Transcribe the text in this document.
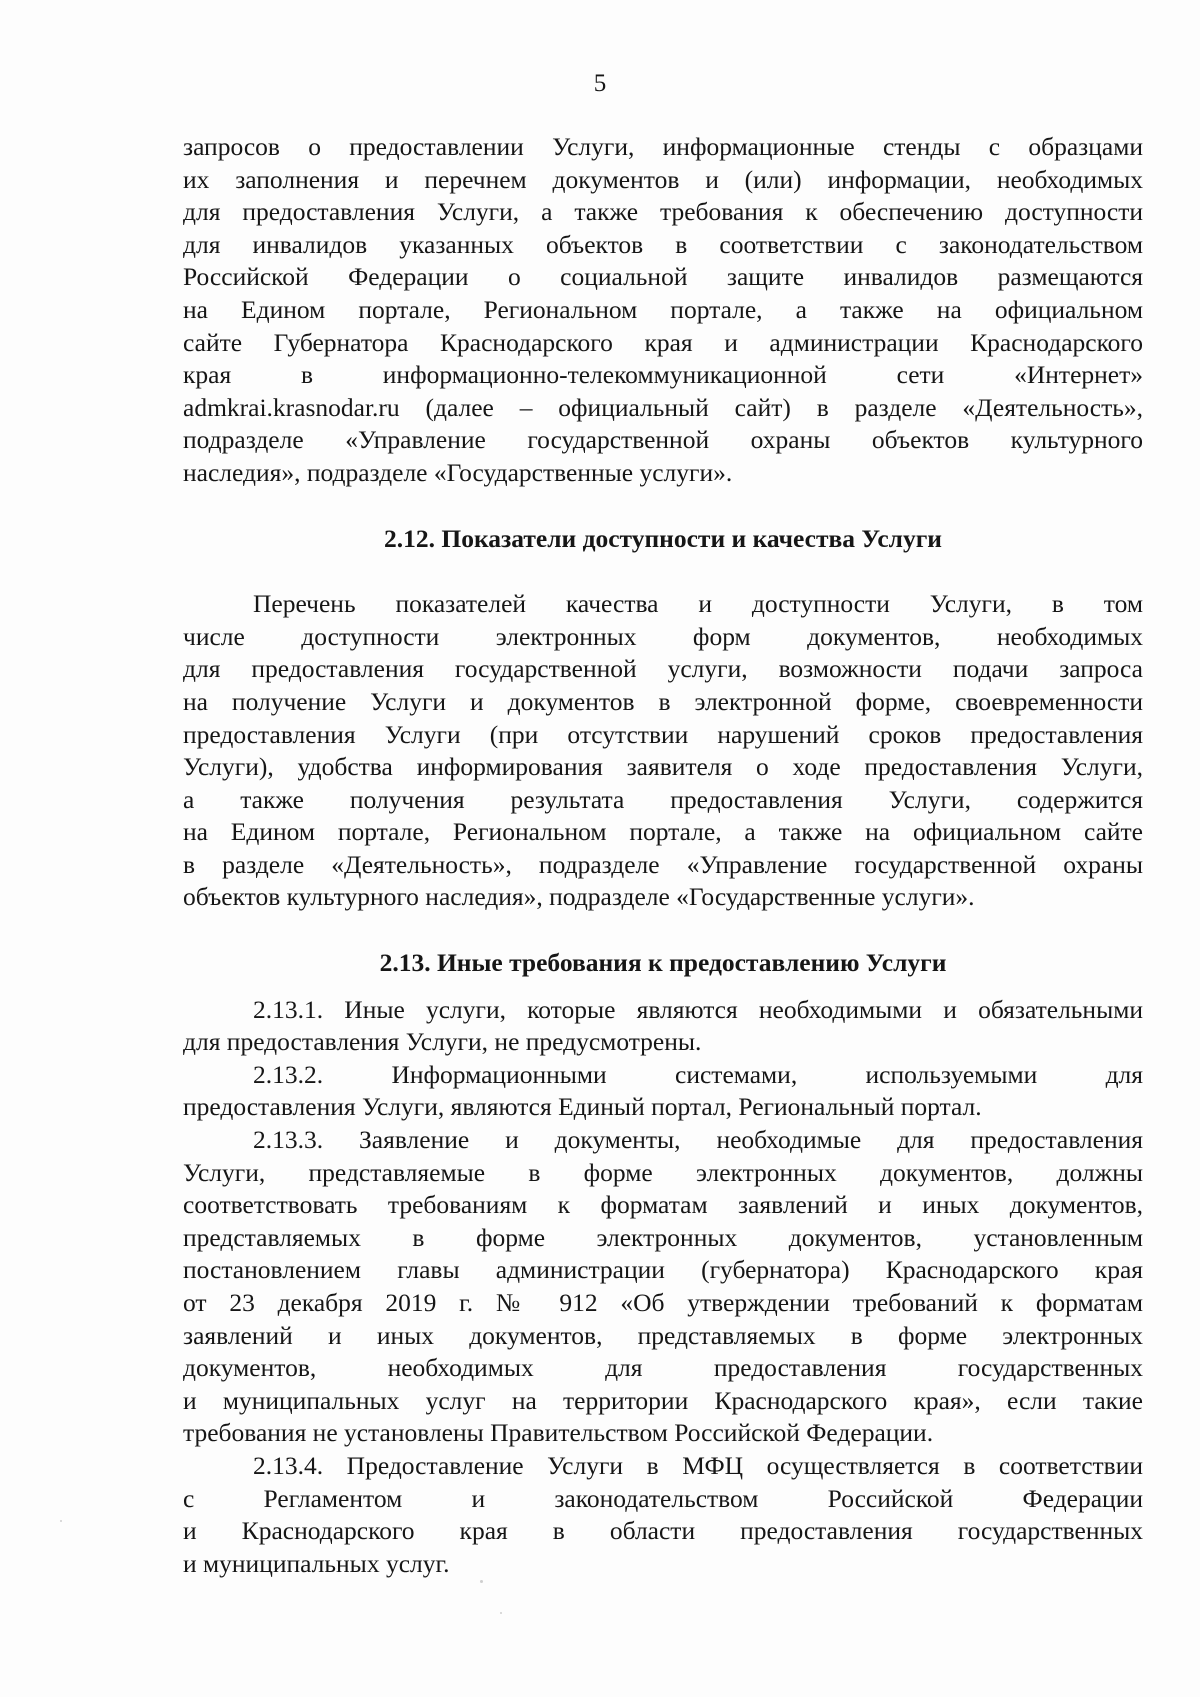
5

запросов о предоставлении Услуги, информационные стенды с образцами

их заполнения и перечнем документов и (или) информации, необходимых

для предоставления Услуги, а также требования к обеспечению доступности

для инвалидов указанных объектов в соответствии с законодательством

Российской Федерации о социальной защите инвалидов размещаются

на Едином портале, Региональном портале, а также на официальном

сайте Губернатора Краснодарского края и администрации Краснодарского

края в информационно-телекоммуникационной сети «Интернет»

admkrai.krasnodar.ru (далее – официальный сайт) в разделе «Деятельность»,

подразделе «Управление государственной охраны объектов культурного

наследия», подразделе «Государственные услуги».

2.12. Показатели доступности и качества Услуги

Перечень показателей качества и доступности Услуги, в том

числе доступности электронных форм документов, необходимых

для предоставления государственной услуги, возможности подачи запроса

на получение Услуги и документов в электронной форме, своевременности

предоставления Услуги (при отсутствии нарушений сроков предоставления

Услуги), удобства информирования заявителя о ходе предоставления Услуги,

а также получения результата предоставления Услуги, содержится

на Едином портале, Региональном портале, а также на официальном сайте

в разделе «Деятельность», подразделе «Управление государственной охраны

объектов культурного наследия», подразделе «Государственные услуги».

2.13. Иные требования к предоставлению Услуги

2.13.1. Иные услуги, которые являются необходимыми и обязательными

для предоставления Услуги, не предусмотрены.

2.13.2. Информационными системами, используемыми для

предоставления Услуги, являются Единый портал, Региональный портал.

2.13.3. Заявление и документы, необходимые для предоставления

Услуги, представляемые в форме электронных документов, должны

соответствовать требованиям к форматам заявлений и иных документов,

представляемых в форме электронных документов, установленным

постановлением главы администрации (губернатора) Краснодарского края

от 23 декабря 2019 г. № 912 «Об утверждении требований к форматам

заявлений и иных документов, представляемых в форме электронных

документов, необходимых для предоставления государственных

и муниципальных услуг на территории Краснодарского края», если такие

требования не установлены Правительством Российской Федерации.

2.13.4. Предоставление Услуги в МФЦ осуществляется в соответствии

с Регламентом и законодательством Российской Федерации

и Краснодарского края в области предоставления государственных

и муниципальных услуг.
